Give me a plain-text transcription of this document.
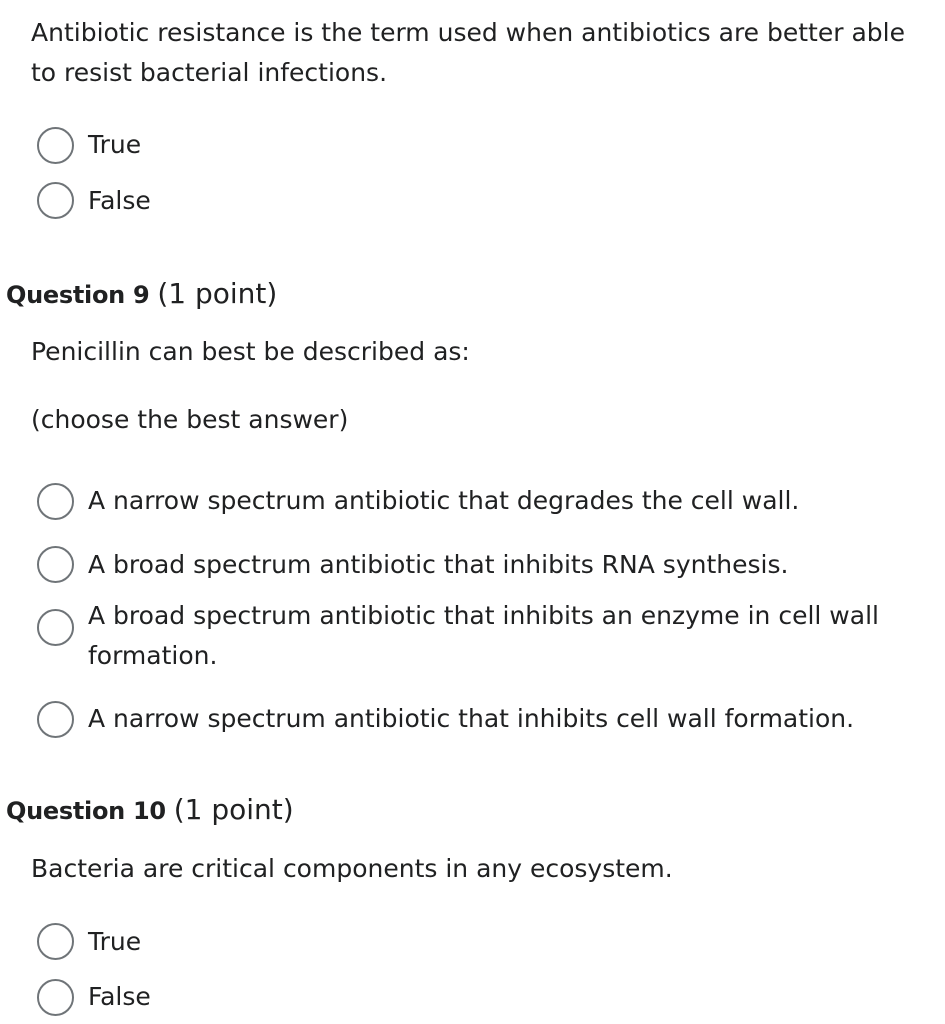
Antibiotic resistance is the term used when antibiotics are better able to resist bacterial infections.
True
False
Question 9 (1 point)
Penicillin can best be described as:
(choose the best answer)
A narrow spectrum antibiotic that degrades the cell wall.
A broad spectrum antibiotic that inhibits RNA synthesis.
A broad spectrum antibiotic that inhibits an enzyme in cell wall formation.
A narrow spectrum antibiotic that inhibits cell wall formation.
Question 10 (1 point)
Bacteria are critical components in any ecosystem.
True
False
